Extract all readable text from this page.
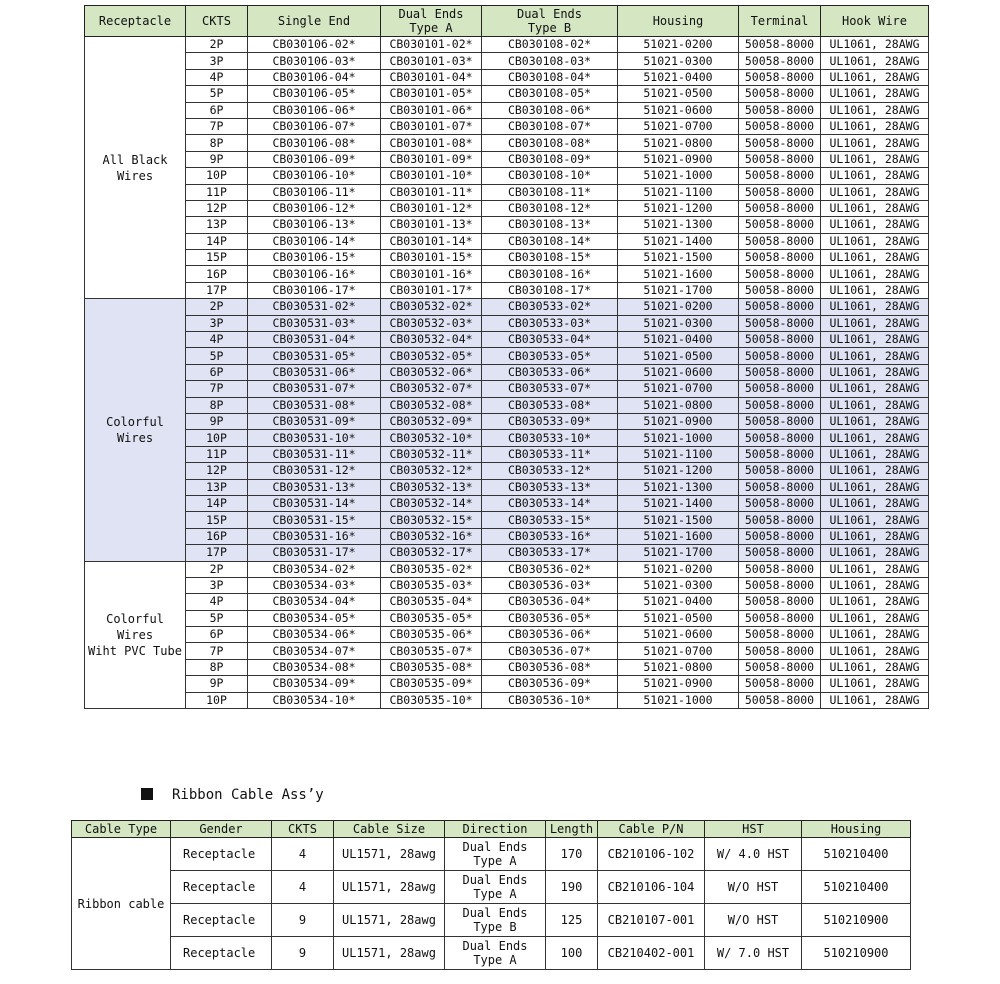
Receptacle	CKTS	Single End	Dual Ends
Type A	Dual Ends
Type B	Housing	Terminal	Hook Wire
All Black
Wires	2P	CB030106-02*	CB030101-02*	CB030108-02*	51021-0200	50058-8000	UL1061, 28AWG
	3P	CB030106-03*	CB030101-03*	CB030108-03*	51021-0300	50058-8000	UL1061, 28AWG
	4P	CB030106-04*	CB030101-04*	CB030108-04*	51021-0400	50058-8000	UL1061, 28AWG
	5P	CB030106-05*	CB030101-05*	CB030108-05*	51021-0500	50058-8000	UL1061, 28AWG
	6P	CB030106-06*	CB030101-06*	CB030108-06*	51021-0600	50058-8000	UL1061, 28AWG
	7P	CB030106-07*	CB030101-07*	CB030108-07*	51021-0700	50058-8000	UL1061, 28AWG
	8P	CB030106-08*	CB030101-08*	CB030108-08*	51021-0800	50058-8000	UL1061, 28AWG
	9P	CB030106-09*	CB030101-09*	CB030108-09*	51021-0900	50058-8000	UL1061, 28AWG
	10P	CB030106-10*	CB030101-10*	CB030108-10*	51021-1000	50058-8000	UL1061, 28AWG
	11P	CB030106-11*	CB030101-11*	CB030108-11*	51021-1100	50058-8000	UL1061, 28AWG
	12P	CB030106-12*	CB030101-12*	CB030108-12*	51021-1200	50058-8000	UL1061, 28AWG
	13P	CB030106-13*	CB030101-13*	CB030108-13*	51021-1300	50058-8000	UL1061, 28AWG
	14P	CB030106-14*	CB030101-14*	CB030108-14*	51021-1400	50058-8000	UL1061, 28AWG
	15P	CB030106-15*	CB030101-15*	CB030108-15*	51021-1500	50058-8000	UL1061, 28AWG
	16P	CB030106-16*	CB030101-16*	CB030108-16*	51021-1600	50058-8000	UL1061, 28AWG
	17P	CB030106-17*	CB030101-17*	CB030108-17*	51021-1700	50058-8000	UL1061, 28AWG
Colorful
Wires	2P	CB030531-02*	CB030532-02*	CB030533-02*	51021-0200	50058-8000	UL1061, 28AWG
	3P	CB030531-03*	CB030532-03*	CB030533-03*	51021-0300	50058-8000	UL1061, 28AWG
	4P	CB030531-04*	CB030532-04*	CB030533-04*	51021-0400	50058-8000	UL1061, 28AWG
	5P	CB030531-05*	CB030532-05*	CB030533-05*	51021-0500	50058-8000	UL1061, 28AWG
	6P	CB030531-06*	CB030532-06*	CB030533-06*	51021-0600	50058-8000	UL1061, 28AWG
	7P	CB030531-07*	CB030532-07*	CB030533-07*	51021-0700	50058-8000	UL1061, 28AWG
	8P	CB030531-08*	CB030532-08*	CB030533-08*	51021-0800	50058-8000	UL1061, 28AWG
	9P	CB030531-09*	CB030532-09*	CB030533-09*	51021-0900	50058-8000	UL1061, 28AWG
	10P	CB030531-10*	CB030532-10*	CB030533-10*	51021-1000	50058-8000	UL1061, 28AWG
	11P	CB030531-11*	CB030532-11*	CB030533-11*	51021-1100	50058-8000	UL1061, 28AWG
	12P	CB030531-12*	CB030532-12*	CB030533-12*	51021-1200	50058-8000	UL1061, 28AWG
	13P	CB030531-13*	CB030532-13*	CB030533-13*	51021-1300	50058-8000	UL1061, 28AWG
	14P	CB030531-14*	CB030532-14*	CB030533-14*	51021-1400	50058-8000	UL1061, 28AWG
	15P	CB030531-15*	CB030532-15*	CB030533-15*	51021-1500	50058-8000	UL1061, 28AWG
	16P	CB030531-16*	CB030532-16*	CB030533-16*	51021-1600	50058-8000	UL1061, 28AWG
	17P	CB030531-17*	CB030532-17*	CB030533-17*	51021-1700	50058-8000	UL1061, 28AWG
Colorful
Wires
Wiht PVC Tube	2P	CB030534-02*	CB030535-02*	CB030536-02*	51021-0200	50058-8000	UL1061, 28AWG
	3P	CB030534-03*	CB030535-03*	CB030536-03*	51021-0300	50058-8000	UL1061, 28AWG
	4P	CB030534-04*	CB030535-04*	CB030536-04*	51021-0400	50058-8000	UL1061, 28AWG
	5P	CB030534-05*	CB030535-05*	CB030536-05*	51021-0500	50058-8000	UL1061, 28AWG
	6P	CB030534-06*	CB030535-06*	CB030536-06*	51021-0600	50058-8000	UL1061, 28AWG
	7P	CB030534-07*	CB030535-07*	CB030536-07*	51021-0700	50058-8000	UL1061, 28AWG
	8P	CB030534-08*	CB030535-08*	CB030536-08*	51021-0800	50058-8000	UL1061, 28AWG
	9P	CB030534-09*	CB030535-09*	CB030536-09*	51021-0900	50058-8000	UL1061, 28AWG
	10P	CB030534-10*	CB030535-10*	CB030536-10*	51021-1000	50058-8000	UL1061, 28AWG
Ribbon Cable Ass’y
Cable Type	Gender	CKTS	Cable Size	Direction	Length	Cable P/N	HST	Housing
Ribbon cable	Receptacle	4	UL1571, 28awg	Dual Ends
Type A	170	CB210106-102	W/ 4.0 HST	510210400
	Receptacle	4	UL1571, 28awg	Dual Ends
Type A	190	CB210106-104	W/O HST	510210400
	Receptacle	9	UL1571, 28awg	Dual Ends
Type B	125	CB210107-001	W/O HST	510210900
	Receptacle	9	UL1571, 28awg	Dual Ends
Type A	100	CB210402-001	W/ 7.0 HST	510210900
